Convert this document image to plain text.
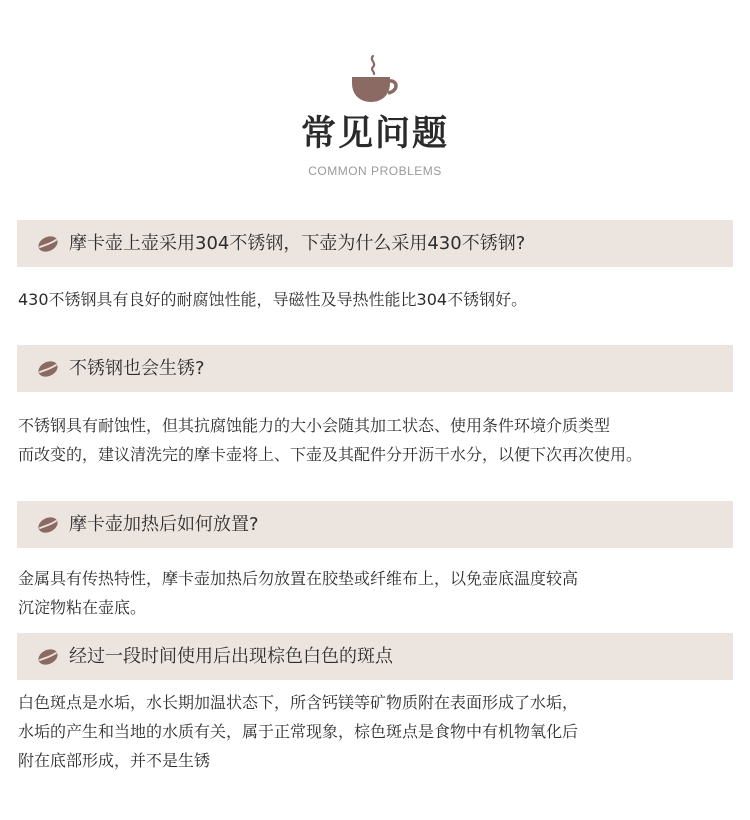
常见问题
COMMON PROBLEMS
摩卡壶上壶采用304不锈钢，下壶为什么采用430不锈钢?
430不锈钢具有良好的耐腐蚀性能，导磁性及导热性能比304不锈钢好。
不锈钢也会生锈?
不锈钢具有耐蚀性，但其抗腐蚀能力的大小会随其加工状态、使用条件环境介质类型
而改变的，建议清洗完的摩卡壶将上、下壶及其配件分开沥干水分，以便下次再次使用。
摩卡壶加热后如何放置?
金属具有传热特性，摩卡壶加热后勿放置在胶垫或纤维布上，以免壶底温度较高
沉淀物粘在壶底。
经过一段时间使用后出现棕色白色的斑点
白色斑点是水垢，水长期加温状态下，所含钙镁等矿物质附在表面形成了水垢，
水垢的产生和当地的水质有关，属于正常现象，棕色斑点是食物中有机物氧化后
附在底部形成，并不是生锈
